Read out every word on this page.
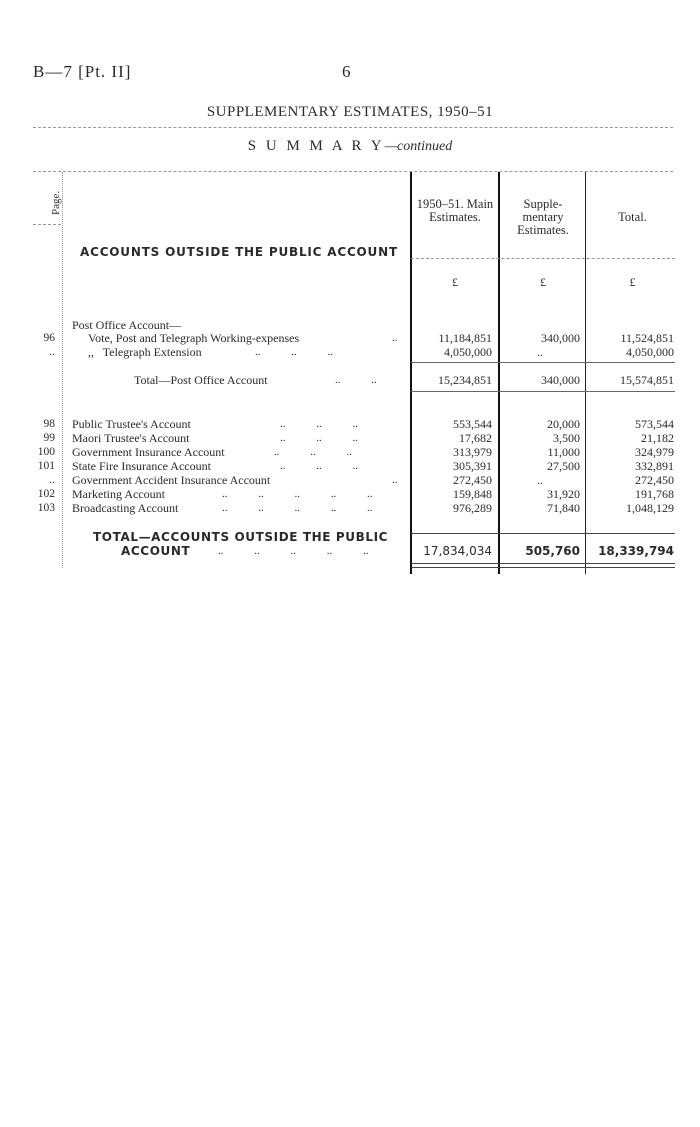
B—7 [Pt. II]	6
SUPPLEMENTARY ESTIMATES, 1950–51
S U M M A R Y—continued
Page.	1950–51. Main Estimates.
Supple- mentary Estimates.
Total.
ACCOUNTS OUTSIDE THE PUBLIC ACCOUNT
£	£	£
Post Office Account—
96	Vote, Post and Telegraph Working-expenses	..	11,184,851	340,000	11,524,851
..	,,   Telegraph Extension	.. .. ..	4,050,000	..	4,050,000
Total—Post Office Account	.. ..	15,234,851	340,000	15,574,851
98 Public Trustee's Account	.. .. ..	553,544	20,000	573,544
99 Maori Trustee's Account	.. .. ..	17,682	3,500	21,182
100 Government Insurance Account	.. .. ..	313,979	11,000	324,979
101 State Fire Insurance Account	.. .. ..	305,391	27,500	332,891
.. Government Accident Insurance Account	..	272,450	..	272,450
102 Marketing Account	.. .. .. .. ..	159,848	31,920	191,768
103 Broadcasting Account	.. .. .. .. ..	976,289	71,840	1,048,129
TOTAL—ACCOUNTS OUTSIDE THE PUBLIC
ACCOUNT	.. .. .. .. ..	17,834,034	505,760	18,339,794
